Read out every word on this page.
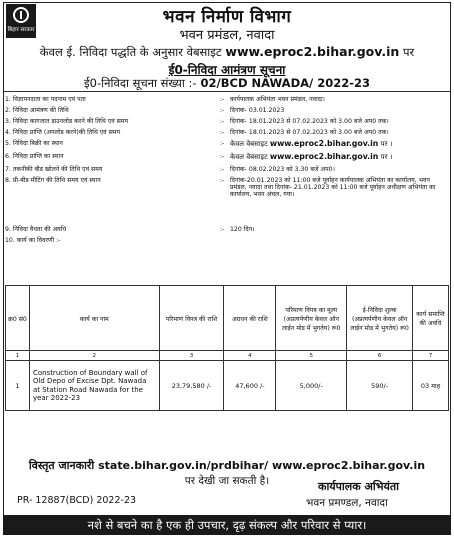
बिहार सरकार
भवन निर्माण विभाग
भवन प्रमंडल, नवादा
केवल ई. निविदा पद्धति के अनुसार वेबसाइट www.eproc2.bihar.gov.in पर
ई0-निविदा आमंत्रण सूचना
ई0-निविदा सूचना संख्या :- 02/BCD NAWADA/ 2022-23
1. विज्ञापनदाता का पदनाम एवं पता	:- कार्यपालक अभियंता भवन प्रमंडल, नवादा।
2. निविदा आमंत्रण की तिथि	:- दिनांक- 03.01.2023
3. निविदा कागजात डाउनलोड करने की तिथि एवं समय	:- दिनांक- 18.01.2023 से 07.02.2023 को 3.00 बजे अप0 तक।
4. निविदा प्राप्ति (अपलोड करने)की तिथि एवं समय	:- दिनांक- 18.01.2023 से 07.02.2023 को 3.00 बजे अप0 तक।
5. निविदा बिक्री का स्थान	:- केवल वेबसाइट www.eproc2.bihar.gov.in पर ।
6. निविदा प्राप्ति का स्थान	:- केवल वेबसाइट www.eproc2.bihar.gov.in पर ।
7. तकनीकी बीड खोलने की तिथि एवं समय	:- दिनांक- 08.02.2023 को 3.30 बजे अप0।
8. प्री-बीड मीटिंग की तिथि समय एवं स्थान	:- दिनांक-20.01.2023 को 11:00 बजे पूर्वाहन कार्यपालक अभियंता का कार्यालय, भवन प्रमंडल, नवादा तथा दिनांक- 21.01.2023 को 11:00 बजे पूर्वाहन अधीक्षण अभियंता का कार्यालय, भवन अंचल, गया।
9. निविदा वैधता की अवधि	:- 120 दिन।
10. कार्य का विवरणी :-
क्र0 सं0	कार्य का नाम	परिमाण विपत्र की राशि	अग्रधन की राशि	परिमाण विपत्र का मूल्य (अप्रत्यर्पणीय केवल ऑन लाईन मोड में भुगतेय) रू0	ई-निविदा शुल्क (अप्रत्यर्पणीय केवल ऑन लाईन मोड में भुगतेय) रू0	कार्य समाप्ति की अवधि
1	2	3	4	5	6	7
1	Construction of Boundary wall of Old Depo of Excise Dpt. Nawada at Station Road Nawada for the year 2022-23	23,79,580 /-	47,600 /-	5,000/-	590/-	03 माह
विस्तृत जानकारी state.bihar.gov.in/prdbihar/ www.eproc2.bihar.gov.in
पर देखी जा सकती है।
PR- 12887(BCD) 2022-23
कार्यपालक अभियंता
भवन प्रमण्डल, नवादा
नशे से बचने का है एक ही उपचार, दृढ़ संकल्प और परिवार से प्यार।
